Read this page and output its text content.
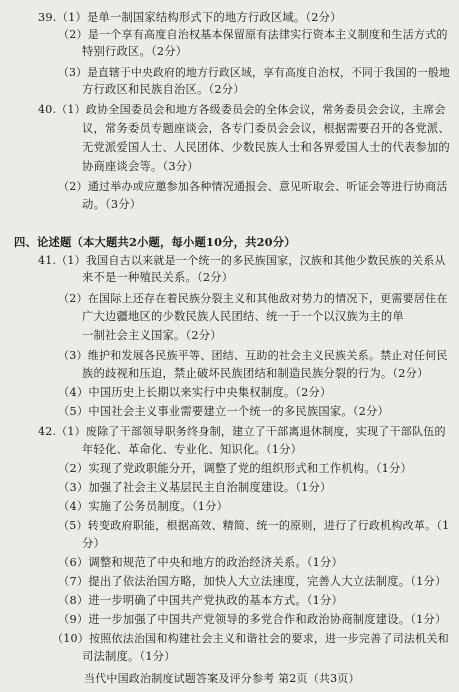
39.（1）是单一制国家结构形式下的地方行政区域。（2分）
（2）是一个享有高度自治权基本保留原有法律实行资本主义制度和生活方式的
特别行政区。（2分）
（3）是直辖于中央政府的地方行政区域，享有高度自治权，不同于我国的一般地
方行政区和民族自治区。（2分）
40.（1）政协全国委员会和地方各级委员会的全体会议，常务委员会会议，主席会
议，常务委员专题座谈会，各专门委员会会议，根据需要召开的各党派、
无党派爱国人士、人民团体、少数民族人士和各界爱国人士的代表参加的
协商座谈会等。（3分）
（2）通过举办或应邀参加各种情况通报会、意见听取会、听证会等进行协商活
动。（3分）
四、论述题（本大题共2小题，每小题10分，共20分）
41.（1）我国自古以来就是一个统一的多民族国家，汉族和其他少数民族的关系从
来不是一种殖民关系。（2分）
（2）在国际上还存在着民族分裂主义和其他敌对势力的情况下，更需要居住在
广大边疆地区的少数民族人民团结、统一于一个以汉族为主的单
一制社会主义国家。（2分）
（3）维护和发展各民族平等、团结、互助的社会主义民族关系。禁止对任何民
族的歧视和压迫，禁止破坏民族团结和制造民族分裂的行为。（2分）
（4）中国历史上长期以来实行中央集权制度。（2分）
（5）中国社会主义事业需要建立一个统一的多民族国家。（2分）
42.（1）废除了干部领导职务终身制，建立了干部离退休制度，实现了干部队伍的
年轻化、革命化、专业化、知识化。（1分）
（2）实现了党政职能分开，调整了党的组织形式和工作机构。（1分）
（3）加强了社会主义基层民主自治制度建设。（1分）
（4）实施了公务员制度。（1分）
（5）转变政府职能，根据高效、精简、统一的原则，进行了行政机构改革。（1
分）
（6）调整和规范了中央和地方的政治经济关系。（1分）
（7）提出了依法治国方略，加快人大立法速度，完善人大立法制度。（1分）
（8）进一步明确了中国共产党执政的基本方式。（1分）
（9）进一步加强了中国共产党领导的多党合作和政治协商制度建设。（1分）
（10）按照依法治国和构建社会主义和谐社会的要求，进一步完善了司法机关和
司法制度。（1分）
当代中国政治制度试题答案及评分参考 第2页（共3页）
